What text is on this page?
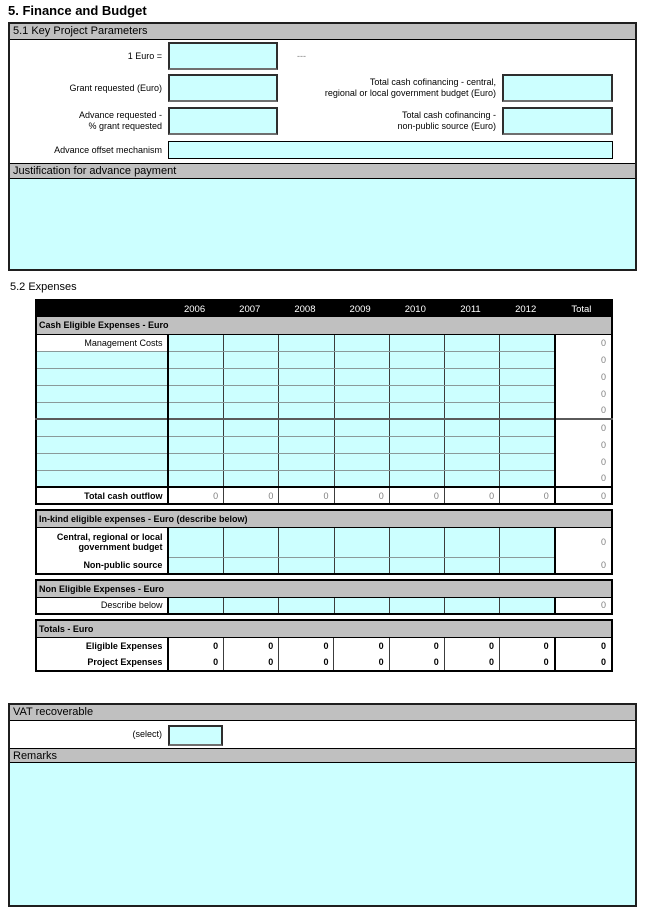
5. Finance and Budget
5.1 Key Project Parameters
1 Euro =	---
Grant requested (Euro)
Total cash cofinancing - central,
regional or local government budget (Euro)
Advance requested -
% grant requested
Total cash cofinancing -
non-public source (Euro)
Advance offset mechanism
Justification for advance payment
5.2 Expenses
	2006	2007	2008	2009	2010	2011	2012	Total
Cash Eligible Expenses - Euro								
Management Costs								0
								0
								0
								0
								0
								0
								0
								0
								0
Total cash outflow	0	0	0	0	0	0	0	0
In-kind eligible expenses - Euro (describe below)								
Central, regional or local government budget								0
Non-public source								0
Non Eligible Expenses - Euro
Describe below								0
Totals - Euro								
Eligible Expenses	0	0	0	0	0	0	0	0
Project Expenses	0	0	0	0	0	0	0	0
VAT recoverable
(select)
Remarks
